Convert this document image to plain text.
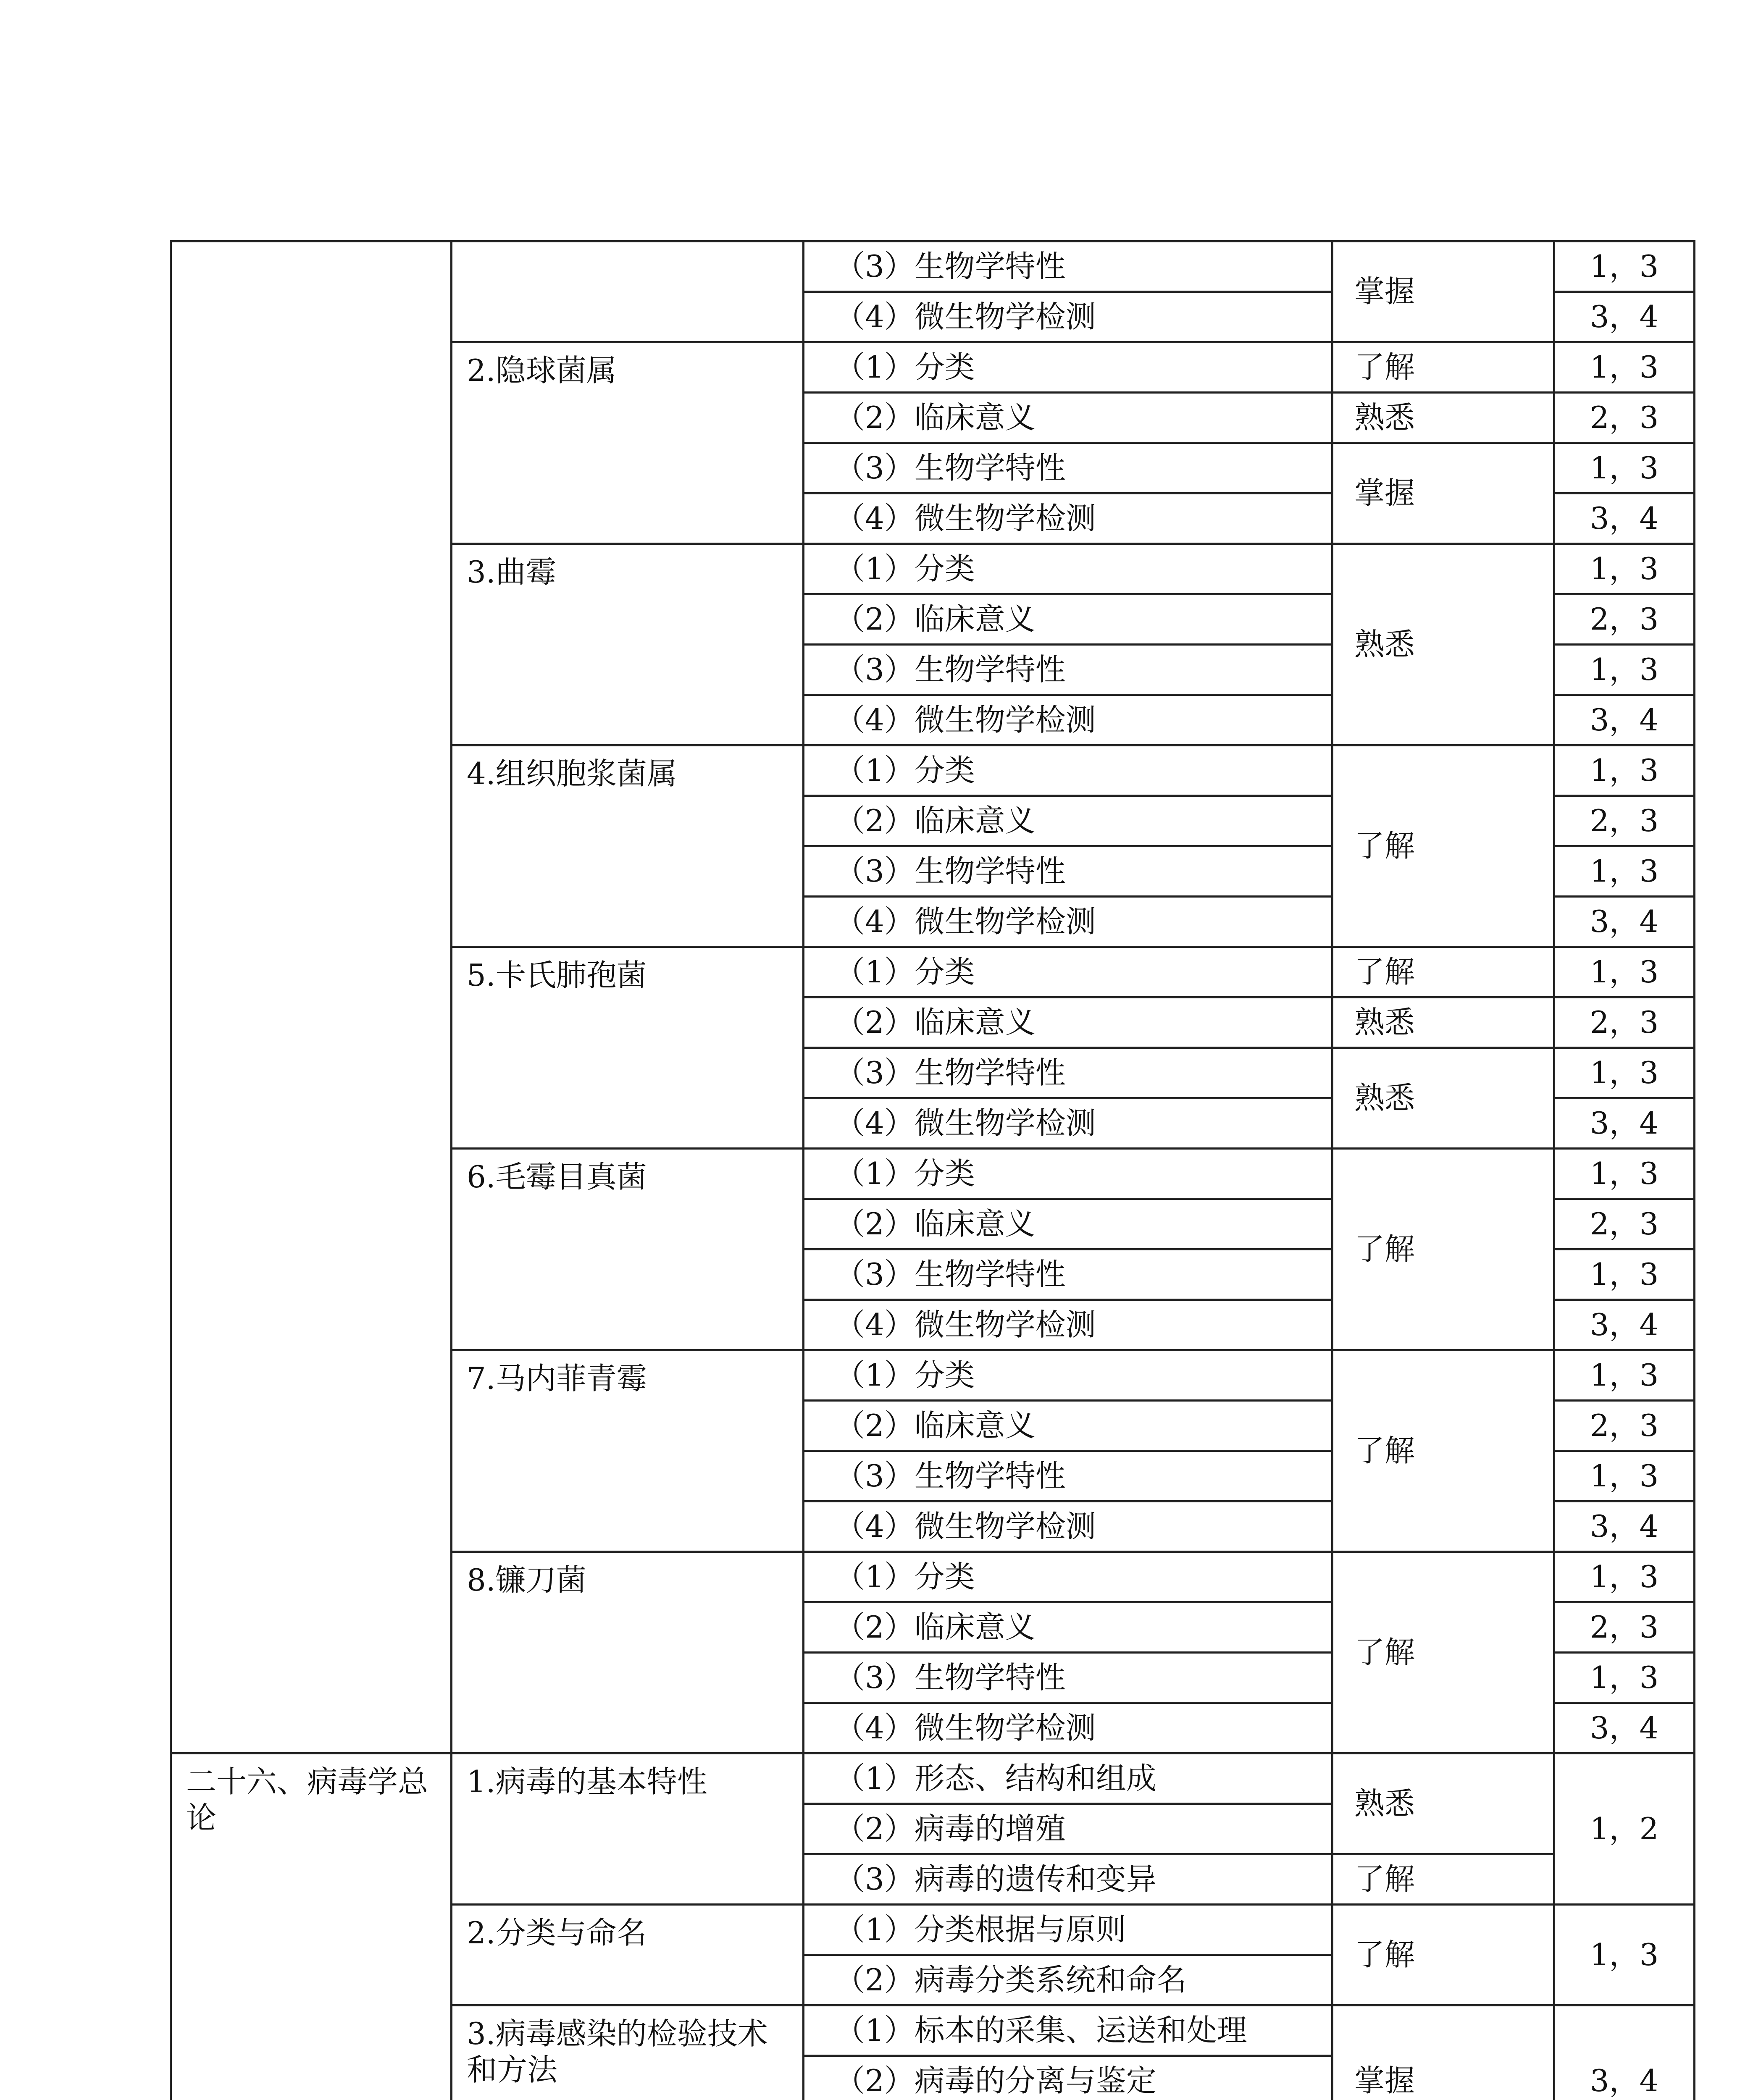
		（3）生物学特性	掌握	1，3
		（4）微生物学检测		3，4
	2.隐球菌属	（1）分类	了解	1，3
		（2）临床意义	熟悉	2，3
		（3）生物学特性	掌握	1，3
		（4）微生物学检测		3，4
	3.曲霉	（1）分类	熟悉	1，3
		（2）临床意义		2，3
		（3）生物学特性		1，3
		（4）微生物学检测		3，4
	4.组织胞浆菌属	（1）分类	了解	1，3
		（2）临床意义		2，3
		（3）生物学特性		1，3
		（4）微生物学检测		3，4
	5.卡氏肺孢菌	（1）分类	了解	1，3
		（2）临床意义	熟悉	2，3
		（3）生物学特性	熟悉	1，3
		（4）微生物学检测		3，4
	6.毛霉目真菌	（1）分类	了解	1，3
		（2）临床意义		2，3
		（3）生物学特性		1，3
		（4）微生物学检测		3，4
	7.马内菲青霉	（1）分类	了解	1，3
		（2）临床意义		2，3
		（3）生物学特性		1，3
		（4）微生物学检测		3，4
	8.镰刀菌	（1）分类	了解	1，3
		（2）临床意义		2，3
		（3）生物学特性		1，3
		（4）微生物学检测		3，4
二十六、病毒学总论	1.病毒的基本特性	（1）形态、结构和组成	熟悉	1，2
		（2）病毒的增殖		
		（3）病毒的遗传和变异	了解	
	2.分类与命名	（1）分类根据与原则	了解	1，3
		（2）病毒分类系统和命名		
	3.病毒感染的检验技术和方法	（1）标本的采集、运送和处理	掌握	3，4
		（2）病毒的分离与鉴定		
